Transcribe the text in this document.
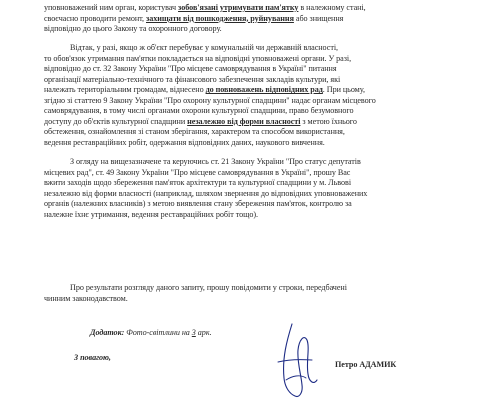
уповноважений ним орган, користувач зобов'язані утримувати пам'ятку в належному стані,

своєчасно проводити ремонт, захищати від пошкодження, руйнування або знищення

відповідно до цього Закону та охоронного договору.

Відтак, у разі, якщо ж об'єкт перебуває у комунальній чи державній власності,

то обов'язок утримання пам'ятки покладається на відповідні уповноважені органи. У разі,

відповідно до ст. 32 Закону України "Про місцеве самоврядування в Україні" питання

організації матеріально-технічного та фінансового забезпечення закладів культури, які

належать територіальним громадам, віднесено до повноважень відповідних рад. При цьому,

згідно зі статтею 9 Закону України "Про охорону культурної спадщини" надає органам місцевого

самоврядування, в тому числі органами охорони культурної спадщини, право безумовного

доступу до об'єктів культурної спадщини незалежно від форми власності з метою їхнього

обстеження, ознайомлення зі станом зберігання, характером та способом використання,

ведення реставраційних робіт, одержання відповідних даних, наукового вивчення.

З огляду на вищезазначене та керуючись ст. 21 Закону України "Про статус депутатів

місцевих рад", ст. 49 Закону України "Про місцеве самоврядування в Україні", прошу Вас

вжити заходів щодо збереження пам'яток архітектури та культурної спадщини у м. Львові

незалежно від форми власності (наприклад, шляхом звернення до відповідних уповноважених

органів (належних власників) з метою виявлення стану збереження пам'яток, контролю за

належне їхнє утримання, ведення реставраційних робіт тощо).

Про результати розгляду даного запиту, прошу повідомити у строки, передбачені

чинним законодавством.

Додаток: Фото-світлини на 3 арк.

З повагою,

Петро АДАМИК
